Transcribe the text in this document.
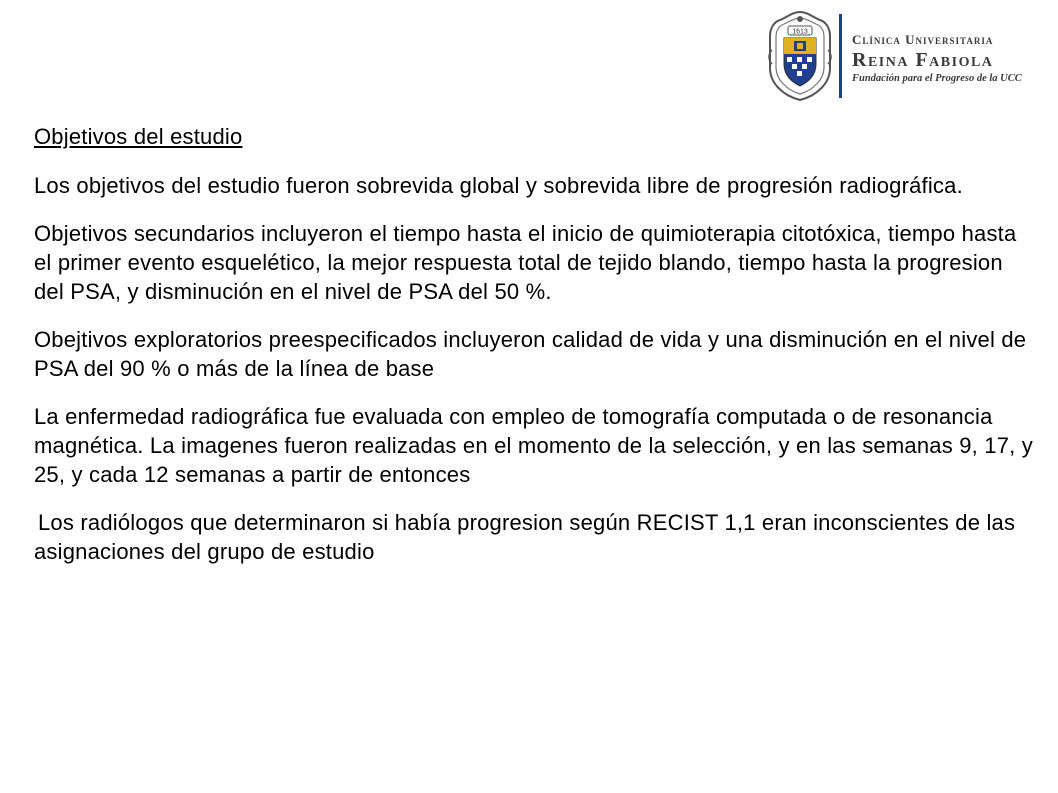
1613	Clínica Universitaria
Reina Fabiola
Fundación para el Progreso de la UCC
Objetivos del estudio
Los objetivos del estudio fueron sobrevida global y sobrevida libre de progresión radiográfica.
Objetivos secundarios incluyeron el tiempo hasta el inicio de quimioterapia citotóxica, tiempo hasta el primer evento esquelético, la mejor respuesta total de tejido blando, tiempo hasta la progresion del PSA, y disminución en el nivel de PSA del 50 %.
Obejtivos exploratorios preespecificados incluyeron calidad de vida y una disminución en el nivel de PSA del 90 % o más de la línea de base
La enfermedad radiográfica fue evaluada con empleo de tomografía computada o de resonancia magnética. La imagenes fueron realizadas en el momento de la selección, y en las semanas 9, 17, y 25, y cada 12 semanas a partir de entonces
Los radiólogos que determinaron si había progresion según RECIST 1,1 eran inconscientes de las asignaciones del grupo de estudio
